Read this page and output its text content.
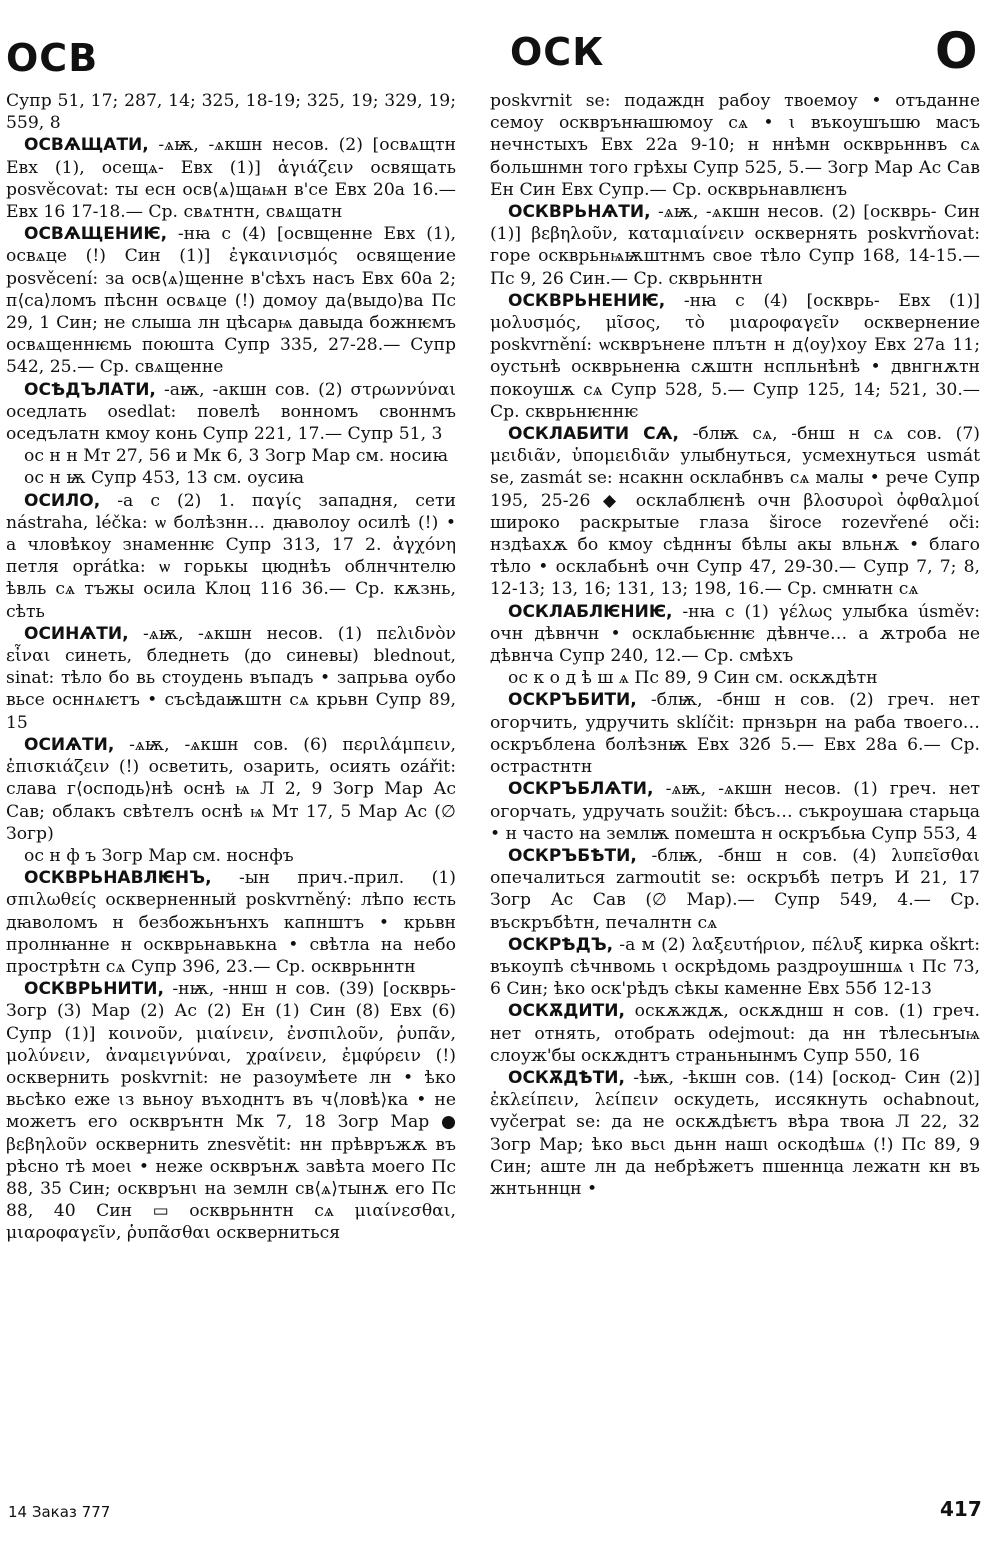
ОСВ	ОСК	О
Супр 51, 17; 287, 14; 325, 18-19; 325, 19; 329, 19; 559, 8
ОСВѦЩАТИ, -ѧѭ, -ѧкшн несов. (2) [освѧщтн Евх (1), осещѧ- Евх (1)] ἁγιάζειν освящать posvěcovat: ты есн осв⟨ѧ⟩щаѩн в'се Евх 20а 16.— Евх 16 17-18.— Ср. свѧтнтн, свѧщатн
ОСВѦЩЕНИѤ, -нꙗ с (4) [освщенне Евх (1), освѧце (!) Син (1)] ἐγκαινισμός освящение posvěcení: за осв⟨ѧ⟩щенне в'сѣхъ насъ Евх 60а 2; п⟨са⟩ломъ пѣснн освѧце (!) домоу да⟨выдо⟩ва Пс 29, 1 Син; не слыша лн цѣсарѩ давыда божнѥмъ освѧщеннѥмь поюшта Супр 335, 27-28.— Супр 542, 25.— Ср. свѧщенне
ОСѢДЪЛАТИ, -аѭ, -акшн сов. (2) στρωννύναι оседлать osedlat: повелѣ вонномъ своннмъ оседълатн кмоу конь Супр 221, 17.— Супр 51, 3
ос н н Мт 27, 56 и Мк 6, 3 Зогр Мар см. носиꙗ
ос н ѭ Супр 453, 13 см. оусиꙗ
ОСИЛО, -а с (2) 1. παγίς западня, сети nástraha, léčka: ѡ болѣзнн… дꙗволоу осилѣ (!) • а чловѣкоу знаменнѥ Супр 313, 17 2. ἀγχόνη петля oprátka: ѡ горькы цюднѣъ облнчнтелю ѣвль сѧ тъжы осила Клоц 116 36.— Ср. кѫзнь, сѣть
ОСИНѦТИ, -ѧѭ, -ѧкшн несов. (1) πελιδνὸν εἶναι синеть, бледнеть (до синевы) blednout, sinat: тѣло бо вь стоудень въпадъ • запрьва оубо вьсе осннѧѥтъ • съсѣдаѭштн сѧ крьвн Супр 89, 15
ОСИѦТИ, -ѧѭ, -ѧкшн сов. (6) περιλάμπειν, ἐπισκιάζειν (!) осветить, озарить, осиять ozářit: слава г⟨осподь⟩нѣ оснѣ ѩ Л 2, 9 Зогр Мар Ас Сав; облакъ свѣтелъ оснѣ ѩ Мт 17, 5 Мар Ас (∅ Зогр)
ос н ф ъ Зогр Мар см. носнфъ
ОСКВРЬНАВЛѤНЪ, -ын прич.-прил. (1) σπιλωθείς оскверненный poskvrněný: лѣпо ѥсть дꙗволомъ н безбожьнънхъ капнштъ • крьвн пролнꙗнне н оскврьнавькна • свѣтла на небо прострѣтн сѧ Супр 396, 23.— Ср. оскврьннтн
ОСКВРЬНИТИ, -нѭ, -ннш н сов. (39) [оскврь- Зогр (3) Мар (2) Ас (2) Ен (1) Син (8) Евх (6) Супр (1)] κοινοῦν, μιαίνειν, ἐνσπιλοῦν, ῥυπᾶν, μολύνειν, ἀναμειγνύναι, χραίνειν, ἐμφύρειν (!) осквернить poskvrnit: не разоумѣете лн • ѣко вьсѣко еже ꙇз вьноу въходнтъ въ ч⟨ловѣ⟩ка • не можетъ его оскврънтн Мк 7, 18 Зогр Мар ● βεβηλοῦν осквернить znesvětit: нн прѣвръжѫ въ рѣсно тѣ моеꙇ • неже оскврънѫ завѣта моего Пс 88, 35 Син; оскврънꙇ на землн св⟨ѧ⟩тынѫ его Пс 88, 40 Син ▭ оскврьннтн сѧ μιαίνεσθαι, μιαροφαγεῖν, ῥυπᾶσθαι оскверниться
poskvrnit se: подаждн рабоу твоемоу • отъданне семоу оскврънꙗшюмоу сѧ • ꙇ въкоушъшю масъ нечнстыхъ Евх 22а 9-10; н ннѣмн оскврьннвъ сѧ большнмн того грѣхы Супр 525, 5.— Зогр Мар Ас Сав Ен Син Евх Супр.— Ср. оскврьнавлѥнъ
ОСКВРЬНѦТИ, -ѧѭ, -ѧкшн несов. (2) [оскврь- Син (1)] βεβηλοῦν, καταμιαίνειν осквернять poskvrňovat: горе оскврьнѩѭштнмъ свое тѣло Супр 168, 14-15.— Пс 9, 26 Син.— Ср. скврьннтн
ОСКВРЬНЕНИѤ, -нꙗ с (4) [оскврь- Евх (1)] μολυσμός, μῖσος, τὸ μιαροφαγεῖν осквернение poskvrnění: ѡскврънене плътн н д⟨оу⟩хоу Евх 27а 11; оустьнѣ оскврьненꙗ сѫштн нспльнѣнѣ • двнгнѫтн покоушѫ сѧ Супр 528, 5.— Супр 125, 14; 521, 30.— Ср. скврьнѥннѥ
ОСКЛАБИТИ СѦ, -блѭ сѧ, -бнш н сѧ сов. (7) μειδιᾶν, ὑπομειδιᾶν улыбнуться, усмехнуться usmát se, zasmát se: нсакнн осклабнвъ сѧ малы • рече Супр 195, 25-26 ◆ осклаблѥнѣ очн βλοσυροὶ ὀφθαλμοί широко раскрытые глаза široce rozevřené oči: нздѣахѫ бо кмоу сѣдннꙑ бѣлы акы вльнѫ • благо тѣло • осклабьнѣ очн Супр 47, 29-30.— Супр 7, 7; 8, 12-13; 13, 16; 131, 13; 198, 16.— Ср. смнꙗтн сѧ
ОСКЛАБЛѤНИѤ, -нꙗ с (1) γέλως улыбка úsměv: очн дѣвнчн • осклабьѥннѥ дѣвнче… а ѫтроба не дѣвнча Супр 240, 12.— Ср. смѣхъ
ос к о д ѣ ш ѧ Пс 89, 9 Син см. оскѫдѣтн
ОСКРЪБИТИ, -блѭ, -бнш н сов. (2) греч. нет огорчить, удручить sklíčit: прнзьрн на раба твоего… оскръблена болѣзнѭ Евх 32б 5.— Евх 28а 6.— Ср. острастнтн
ОСКРЪБЛѦТИ, -ѧѭ, -ѧкшн несов. (1) греч. нет огорчать, удручать soužit: бѣсъ… съкроушаꙗ старьца • н часто на землѭ помешта н оскръбьꙗ Супр 553, 4
ОСКРЪБѢТИ, -блѭ, -бнш н сов. (4) λυπεῖσθαι опечалиться zarmoutit se: оскръбѣ петръ И 21, 17 Зогр Ас Сав (∅ Мар).— Супр 549, 4.— Ср. въскръбѣтн, печалнтн сѧ
ОСКРѢДЪ, -а м (2) λαξευτήριον, πέλυξ кирка oškrt: въкоупѣ сѣчнвомь ꙇ оскрѣдомь раздроушншѧ ꙇ Пс 73, 6 Син; ѣко оск'рѣдъ сѣкы каменне Евх 55б 12-13
ОСКѪДИТИ, оскѫждѫ, оскѫднш н сов. (1) греч. нет отнять, отобрать odejmout: да нн тѣлесьнꙑѩ слоуж'бы оскѫднтъ страньнынмъ Супр 550, 16
ОСКѪДѢТИ, -ѣѭ, -ѣкшн сов. (14) [оскод- Син (2)] ἐκλείπειν, λείπειν оскудеть, иссякнуть ochabnout, vyčerpat se: да не оскѫдѣѥтъ вѣра твоꙗ Л 22, 32 Зогр Мар; ѣко вьсꙇ дьнн нашꙇ оскодѣшѧ (!) Пс 89, 9 Син; аште лн да небрѣжетъ пшеннца лежатн кн въ жнтьннцн •
14 Заказ 777	417
